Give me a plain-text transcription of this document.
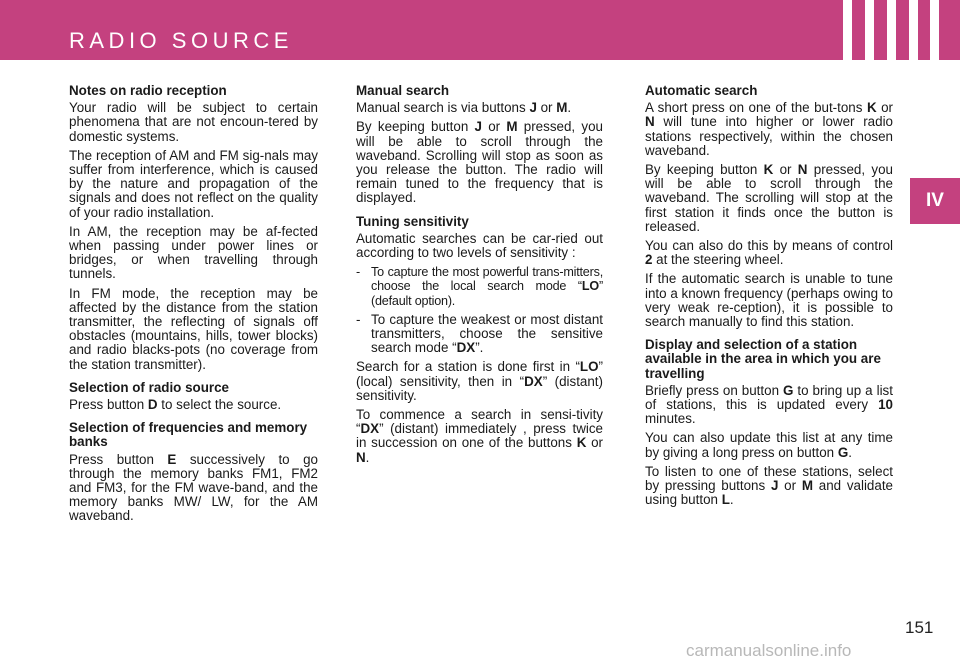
RADIO SOURCE
IV
Notes on radio reception

Your radio will be subject to certain phenomena that are not encoun-tered by domestic systems.

The reception of AM and FM sig-nals may suffer from interference, which is caused by the nature and propagation of the signals and does not reflect on the quality of your radio installation.

In AM, the reception may be af-fected when passing under power lines or bridges, or when travelling through tunnels.

In FM mode, the reception may be affected by the distance from the station transmitter, the reflecting of signals off obstacles (mountains, hills, tower blocks) and radio blacks-pots (no coverage from the station transmitter).

Selection of radio source

Press button D to select the source.

Selection of frequencies and memory banks

Press button E successively to go through the memory banks FM1, FM2 and FM3, for the FM wave-band, and the memory banks MW/ LW, for the AM waveband.

Manual search

Manual search is via buttons J or M.

By keeping button J or M pressed, you will be able to scroll through the waveband. Scrolling will stop as soon as you release the button. The radio will remain tuned to the frequency that is displayed.

Tuning sensitivity

Automatic searches can be car-ried out according to two levels of sensitivity :

- To capture the most powerful trans-mitters, choose the local search mode “LO” (default option).
- To capture the weakest or most distant transmitters, choose the sensitive search mode “DX”.

Search for a station is done first in “LO” (local) sensitivity, then in “DX” (distant) sensitivity.

To commence a search in sensi-tivity “DX” (distant) immediately , press twice in succession on one of the buttons K or N.

Automatic search

A short press on one of the but-tons K or N will tune into higher or lower radio stations respectively, within the chosen waveband.

By keeping button K or N pressed, you will be able to scroll through the waveband. The scrolling will stop at the first station it finds once the button is released.

You can also do this by means of control 2 at the steering wheel.

If the automatic search is unable to tune into a known frequency (perhaps owing to very weak re-ception), it is possible to search manually to find this station.

Display and selection of a station available in the area in which you are travelling

Briefly press on button G to bring up a list of stations, this is updated every 10 minutes.

You can also update this list at any time by giving a long press on button G.

To listen to one of these stations, select by pressing buttons J or M and validate using button L.

151
carmanualsonline.info
